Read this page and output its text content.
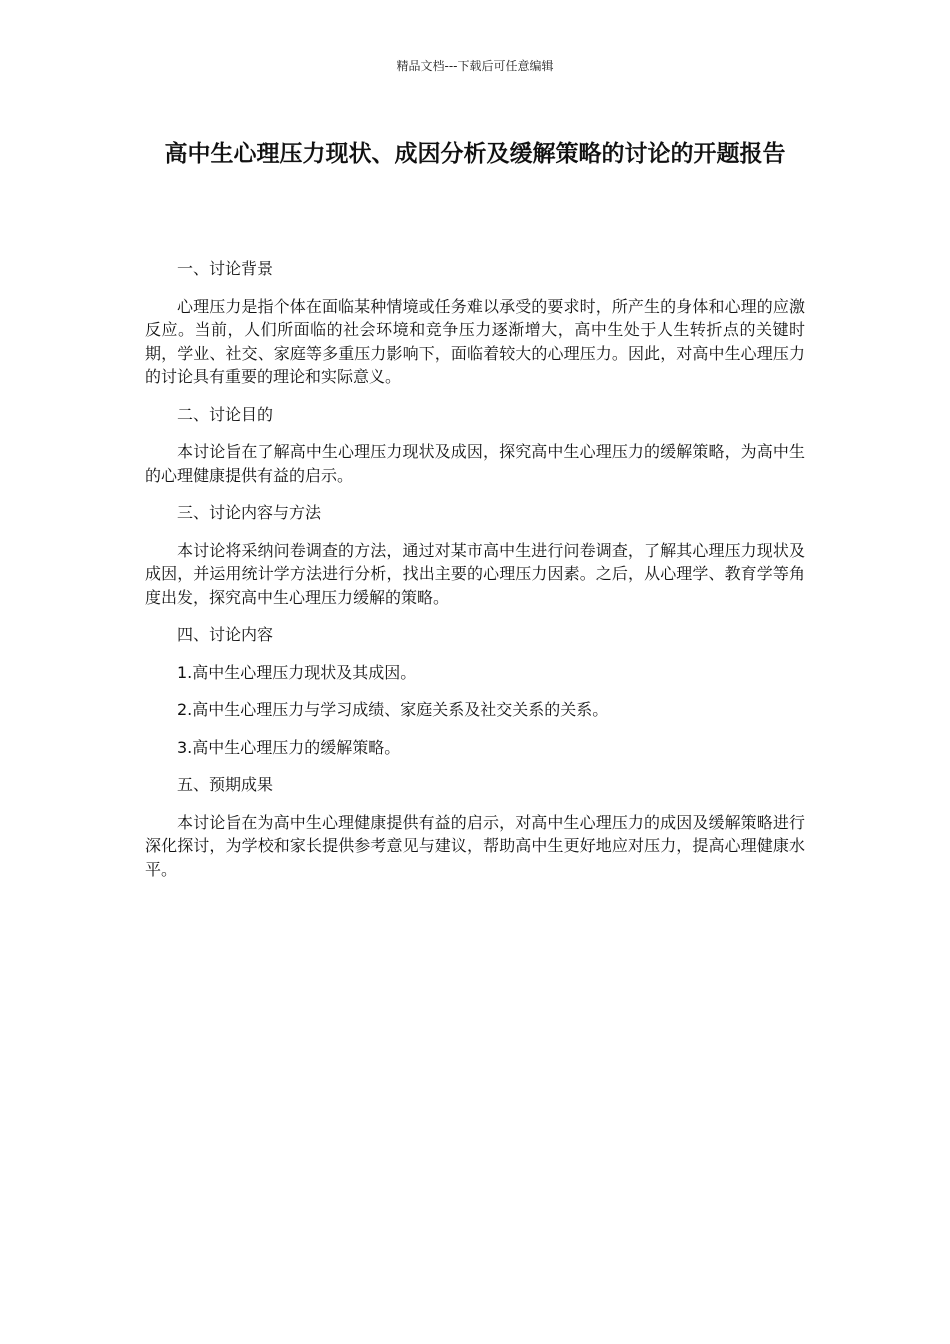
精品文档---下载后可任意编辑
高中生心理压力现状、成因分析及缓解策略的讨论的开题报告

一、讨论背景

心理压力是指个体在面临某种情境或任务难以承受的要求时，所产生的身体和心理的应激反应。当前，人们所面临的社会环境和竞争压力逐渐增大，高中生处于人生转折点的关键时期，学业、社交、家庭等多重压力影响下，面临着较大的心理压力。因此，对高中生心理压力的讨论具有重要的理论和实际意义。

二、讨论目的

本讨论旨在了解高中生心理压力现状及成因，探究高中生心理压力的缓解策略，为高中生的心理健康提供有益的启示。

三、讨论内容与方法

本讨论将采纳问卷调查的方法，通过对某市高中生进行问卷调查，了解其心理压力现状及成因，并运用统计学方法进行分析，找出主要的心理压力因素。之后，从心理学、教育学等角度出发，探究高中生心理压力缓解的策略。

四、讨论内容

1.高中生心理压力现状及其成因。

2.高中生心理压力与学习成绩、家庭关系及社交关系的关系。

3.高中生心理压力的缓解策略。

五、预期成果

本讨论旨在为高中生心理健康提供有益的启示，对高中生心理压力的成因及缓解策略进行深化探讨，为学校和家长提供参考意见与建议，帮助高中生更好地应对压力，提高心理健康水平。
